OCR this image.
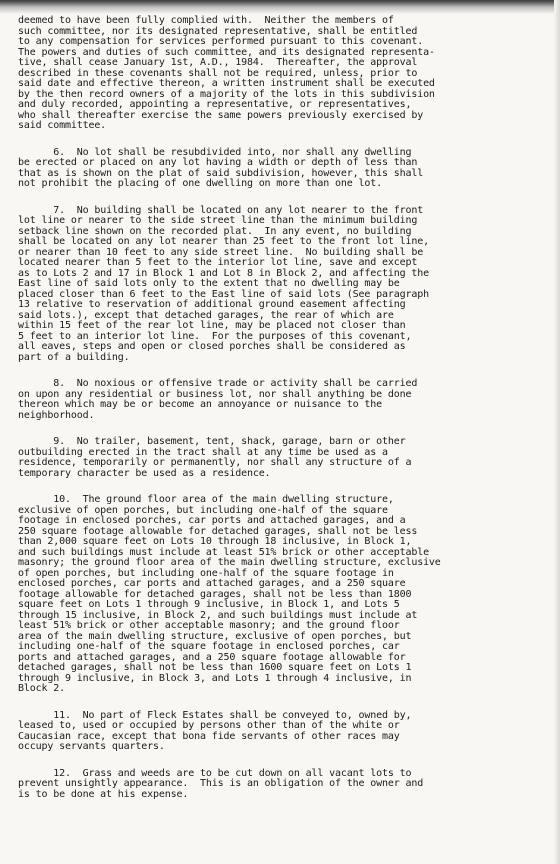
deemed to have been fully complied with.  Neither the members of
such committee, nor its designated representative, shall be entitled
to any compensation for services performed pursuant to this covenant.
The powers and duties of such committee, and its designated representa-
tive, shall cease January 1st, A.D., 1984.  Thereafter, the approval
described in these covenants shall not be required, unless, prior to
said date and effective thereon, a written instrument shall be executed
by the then record owners of a majority of the lots in this subdivision
and duly recorded, appointing a representative, or representatives,
who shall thereafter exercise the same powers previously exercised by
said committee.

6.  No lot shall be resubdivided into, nor shall any dwelling
be erected or placed on any lot having a width or depth of less than
that as is shown on the plat of said subdivision, however, this shall
not prohibit the placing of one dwelling on more than one lot.

7.  No building shall be located on any lot nearer to the front
lot line or nearer to the side street line than the minimum building
setback line shown on the recorded plat.  In any event, no building
shall be located on any lot nearer than 25 feet to the front lot line,
or nearer than 10 feet to any side street line.  No building shall be
located nearer than 5 feet to the interior lot line, save and except
as to Lots 2 and 17 in Block 1 and Lot 8 in Block 2, and affecting the
East line of said lots only to the extent that no dwelling may be
placed closer than 6 feet to the East line of said lots (See paragraph
13 relative to reservation of additional ground easement affecting
said lots.), except that detached garages, the rear of which are
within 15 feet of the rear lot line, may be placed not closer than
5 feet to an interior lot line.  For the purposes of this covenant,
all eaves, steps and open or closed porches shall be considered as
part of a building.

8.  No noxious or offensive trade or activity shall be carried
on upon any residential or business lot, nor shall anything be done
thereon which may be or become an annoyance or nuisance to the
neighborhood.

9.  No trailer, basement, tent, shack, garage, barn or other
outbuilding erected in the tract shall at any time be used as a
residence, temporarily or permanently, nor shall any structure of a
temporary character be used as a residence.

10.  The ground floor area of the main dwelling structure,
exclusive of open porches, but including one-half of the square
footage in enclosed porches, car ports and attached garages, and a
250 square footage allowable for detached garages, shall not be less
than 2,000 square feet on Lots 10 through 18 inclusive, in Block 1,
and such buildings must include at least 51% brick or other acceptable
masonry; the ground floor area of the main dwelling structure, exclusive
of open porches, but including one-half of the square footage in
enclosed porches, car ports and attached garages, and a 250 square
footage allowable for detached garages, shall not be less than 1800
square feet on Lots 1 through 9 inclusive, in Block 1, and Lots 5
through 15 inclusive, in Block 2, and such buildings must include at
least 51% brick or other acceptable masonry; and the ground floor
area of the main dwelling structure, exclusive of open porches, but
including one-half of the square footage in enclosed porches, car
ports and attached garages, and a 250 square footage allowable for
detached garages, shall not be less than 1600 square feet on Lots 1
through 9 inclusive, in Block 3, and Lots 1 through 4 inclusive, in
Block 2.

11.  No part of Fleck Estates shall be conveyed to, owned by,
leased to, used or occupied by persons other than of the white or
Caucasian race, except that bona fide servants of other races may
occupy servants quarters.

12.  Grass and weeds are to be cut down on all vacant lots to
prevent unsightly appearance.  This is an obligation of the owner and
is to be done at his expense.
